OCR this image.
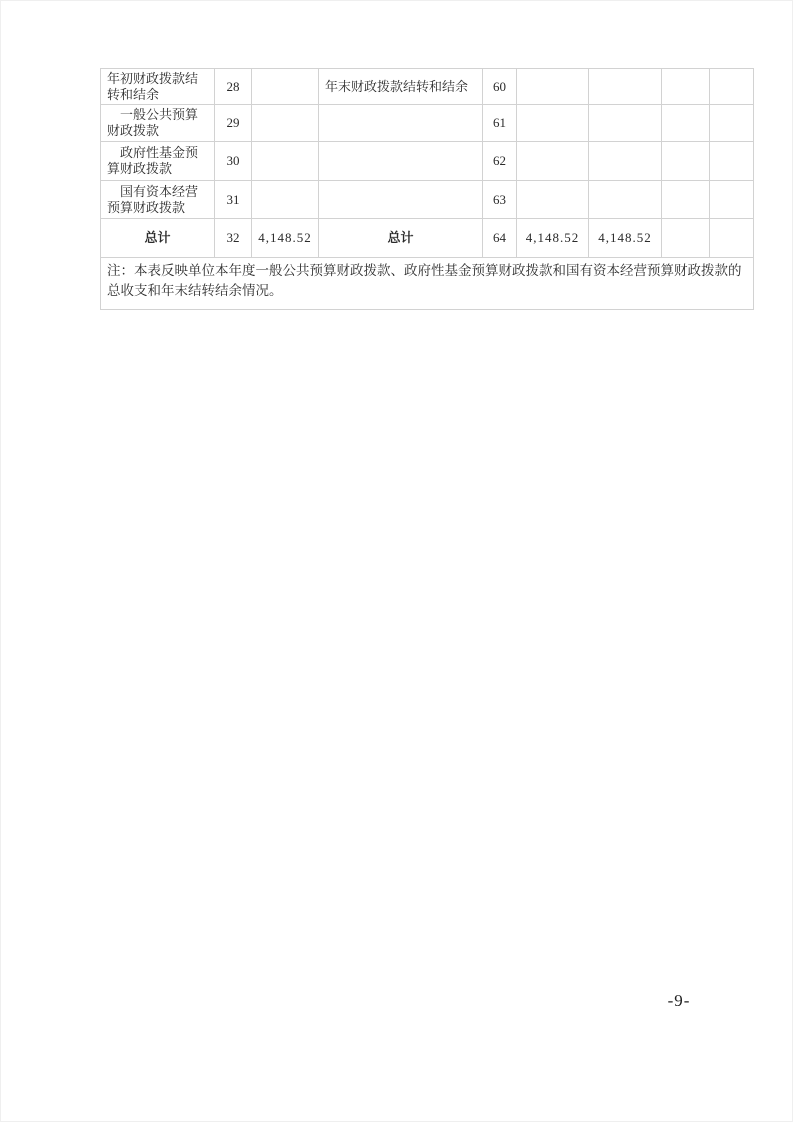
年初财政拨款结转和结余	28		年末财政拨款结转和结余	60				
　一般公共预算财政拨款	29			61				
　政府性基金预算财政拨款	30			62				
　国有资本经营预算财政拨款	31			63				
总计	32	4,148.52	总计	64	4,148.52	4,148.52		
注：本表反映单位本年度一般公共预算财政拨款、政府性基金预算财政拨款和国有资本经营预算财政拨款的总收支和年末结转结余情况。								
-9-
